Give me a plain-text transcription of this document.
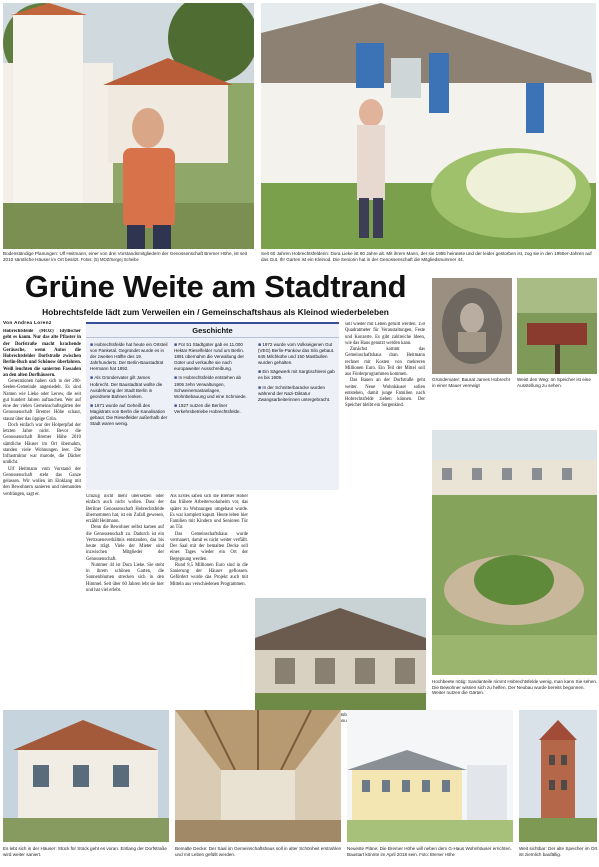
Bodenständige Planungen: Ulf Heitmann, einer von drei Vorstandsmitgliedern der Genossenschaft Bremer Höhe, ist seit 2010 sämtliche Häuser im Ort besitzt. Fotos: (5) MOZ/Sergej Scheibe
Seit 60 Jahren Hobrechtsfelderin: Dora Lieke ist 80 Jahre alt. Mit ihrem Mann, der sie 1955 heiratete und der leider gestorben ist, zog sie in den 1950er-Jahren auf das Gut. Ihr Garten ist ein Kleinod. Die Seniorin hat in der Genossenschaft die Mitgliedsnummer 44.
Grüne Weite am Stadtrand
Hobrechtsfelde lädt zum Verweilen ein / Gemeinschaftshaus als Kleinod wiederbeleben
Von Andrea Lorenz

Hobrechtsfelde (MOZ) Idyllischer geht es kaum. Nur das alte Pflaster in der Dorfstraße macht krachende Geräusche, wenn Autos die Hobrechtsfelder Dorfstraße zwischen Berlin-Buch und Schönow überfahren. Weiß leuchten die sanierten Fassaden an den alten Dorfhäusern.

Generationen haben sich in der 200-Seelen-Gemeinde angesiedelt. Es sind Namen wie Lieke oder Lerow, die seit gut hundert Jahren auftauchen. Wer auf eine der vielen Gemeinschaftsgärten der Genossenschaft Bremer Höhe schaut, staunt über das üppige Grün.

Doch einfach war der Holperpfad der letzten Jahre nicht. Bevor die Genossenschaft Bremer Höhe 2010 sämtliche Häuser im Ort übernahm, standen viele Wohnungen leer. Die Infrastruktur war marode, die Dächer undicht.

Ulf Heitmann vom Vorstand der Genossenschaft steht das Ganze gelassen. Wir wollen im Einklang mit den Bewohnern sanieren und niemanden verdrängen, sagt er.

Geschichte

■ Hobrechtsfelde hat heute ein Ortsteil von Panketal. Gegründet wurde es in der zweiten Hälfte des 19. Jahrhunderts. Der Berlin-Baustadtrat Hermann hat 1892.

■ Als Gründervater gilt James Hobrecht. Der Baustadtrat wollte die Ausdehnung der Stadt Berlin in geordnete Bahnen lenken.

■ 1871 wurde auf Geheiß des Magistrats von Berlin die Kanalisation gebaut. Die Rieselfelder außerhalb der Stadt waren wenig.

■ Für 51 Stadtgüter gab es 11.000 Hektar Rieselfelder rund um Berlin. 1891 übernahm die Verwaltung der Güter und verkaufte sie nach europaweiter Ausschreibung.

■ In Hobrechtsfelde entstehen ab 1906 zehn Verwaltungen, Schweinemastanlagen, Wohnbebauung und eine Schmiede.

■ 1927 nutzen die Berliner Verkehrsbetriebe Hobrechtsfelde.

■ 1972 wurde vom Volkseigenen Gut (VEG) Berlin-Pankow das Silo gebaut. 645 Milchkühe und 150 Mastbullen wurden gehalten.

■ Ein Sägewerk mit Sargtischlerei gab es bis 1909.

■ In der Schnitterbaracke wurden während der Nazi-Diktatur Zwangsarbeiterinnen untergebracht.

Umzug nicht mehr übersetzen oder einfach auch nicht wollen. Dass der Berliner Genossenschaft Hobrechtsfelde übernommen hat, ist ein Zufall gewesen, erzählt Heitmann.

Denn die Bewohner selbst kamen auf die Genossenschaft zu. Dadurch ist ein Vertrauensverhältnis entstanden, das bis heute trägt. Viele der Mieter sind inzwischen Mitglieder der Genossenschaft.

Nummer 44 ist Dora Lieke. Sie steht in ihrem schönen Garten, die Sonnenblumen strecken sich in den Himmel. Seit über 60 Jahren lebt sie hier und hat viel erlebt.

Als Erstes sahen sich die Bremer Höher das frühere Arbeiterwohnheim vor, das später zu Wohnungen umgebaut wurde. Es war komplett kaputt. Heute leben hier Familien mit Kindern und Senioren Tür an Tür.

Das Gemeinschaftshaus wurde vermauert, damit es nicht weiter verfällt. Der Saal mit der bemalten Decke soll eines Tages wieder ein Ort der Begegnung werden.

Rund 8,5 Millionen Euro sind in die Sanierung der Häuser geflossen. Gefördert wurde das Projekt auch mit Mitteln aus verschiedenen Programmen.

soll wieder mit Leben gefüllt werden. 150 Quadratmeter für Veranstaltungen, Feste und Konzerte. Es gibt zahlreiche Ideen, wie das Haus genutzt werden kann.

Zunächst kommt das Gemeinschaftshaus dran. Heitmann rechnet mit Kosten von mehreren Millionen Euro. Ein Teil der Mittel soll aus Förderprogrammen kommen.

Das Bauen an der Dorfstraße geht weiter. Neue Wohnhäuser sollen entstehen, damit junge Familien nach Hobrechtsfelde ziehen können. Der Speicher bleibt ein Sorgenkind.

Wohnungen,
Gründervater: Baurat James Hobrecht in einer Mauer verewigt
Weist den Weg: Im Speicher ist eine Ausstellung zu sehen.
Hochbeete nötig: Sandanteile nimmt Hobrechtsfelde wenig, man kann Sie sehen. Die Bewohner wissen sich zu helfen. Der Neubau wurde bereits begonnen. Weiter nutzen die Gärten.
Es lebt sich in der Häuser: Stück für Stück geht es voran. Entlang der Dorfstraße wird weiter saniert.
Bemalte Decke: Der Saal im Gemeinschaftshaus soll in alter Schönheit erstrahlen und mit Leben gefüllt werden.
Neueste Pläne: Die Bremer Höhe will neben dem G-Haus Wohnhäuser errichten. Baustart könnte im April 2018 sein. Foto: Bremer Höhe
Weit sichtbar: Der alte Speicher im Ort ist ziemlich baufällig.
